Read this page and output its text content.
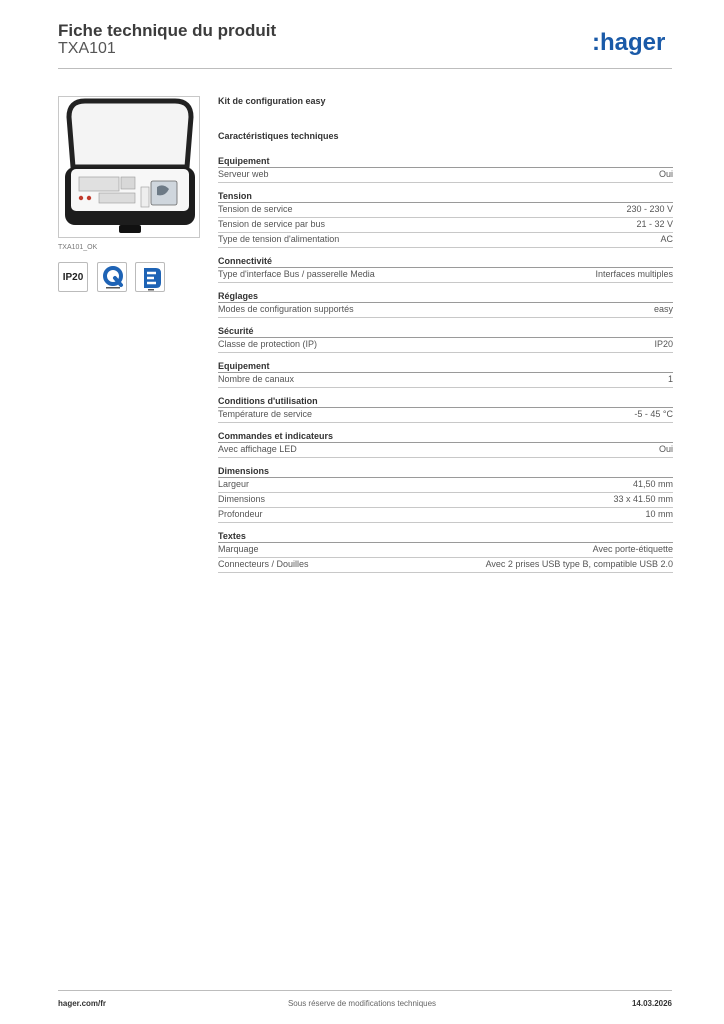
Fiche technique du produit
TXA101	:hager
TXA101_OK
IP20
Kit de configuration easy
Caractéristiques techniques
Equipement
Serveur web	Oui
Tension
Tension de service	230 - 230 V
Tension de service par bus	21 - 32 V
Type de tension d'alimentation	AC
Connectivité
Type d'interface Bus / passerelle Media	Interfaces multiples
Réglages
Modes de configuration supportés	easy
Sécurité
Classe de protection (IP)	IP20
Equipement
Nombre de canaux	1
Conditions d'utilisation
Température de service	-5 - 45 °C
Commandes et indicateurs
Avec affichage LED	Oui
Dimensions
Largeur	41,50 mm
Dimensions	33 x 41.50 mm
Profondeur	10 mm
Textes
Marquage	Avec porte-étiquette
Connecteurs / Douilles	Avec 2 prises USB type B, compatible USB 2.0
hager.com/fr	Sous réserve de modifications techniques	14.03.2026
